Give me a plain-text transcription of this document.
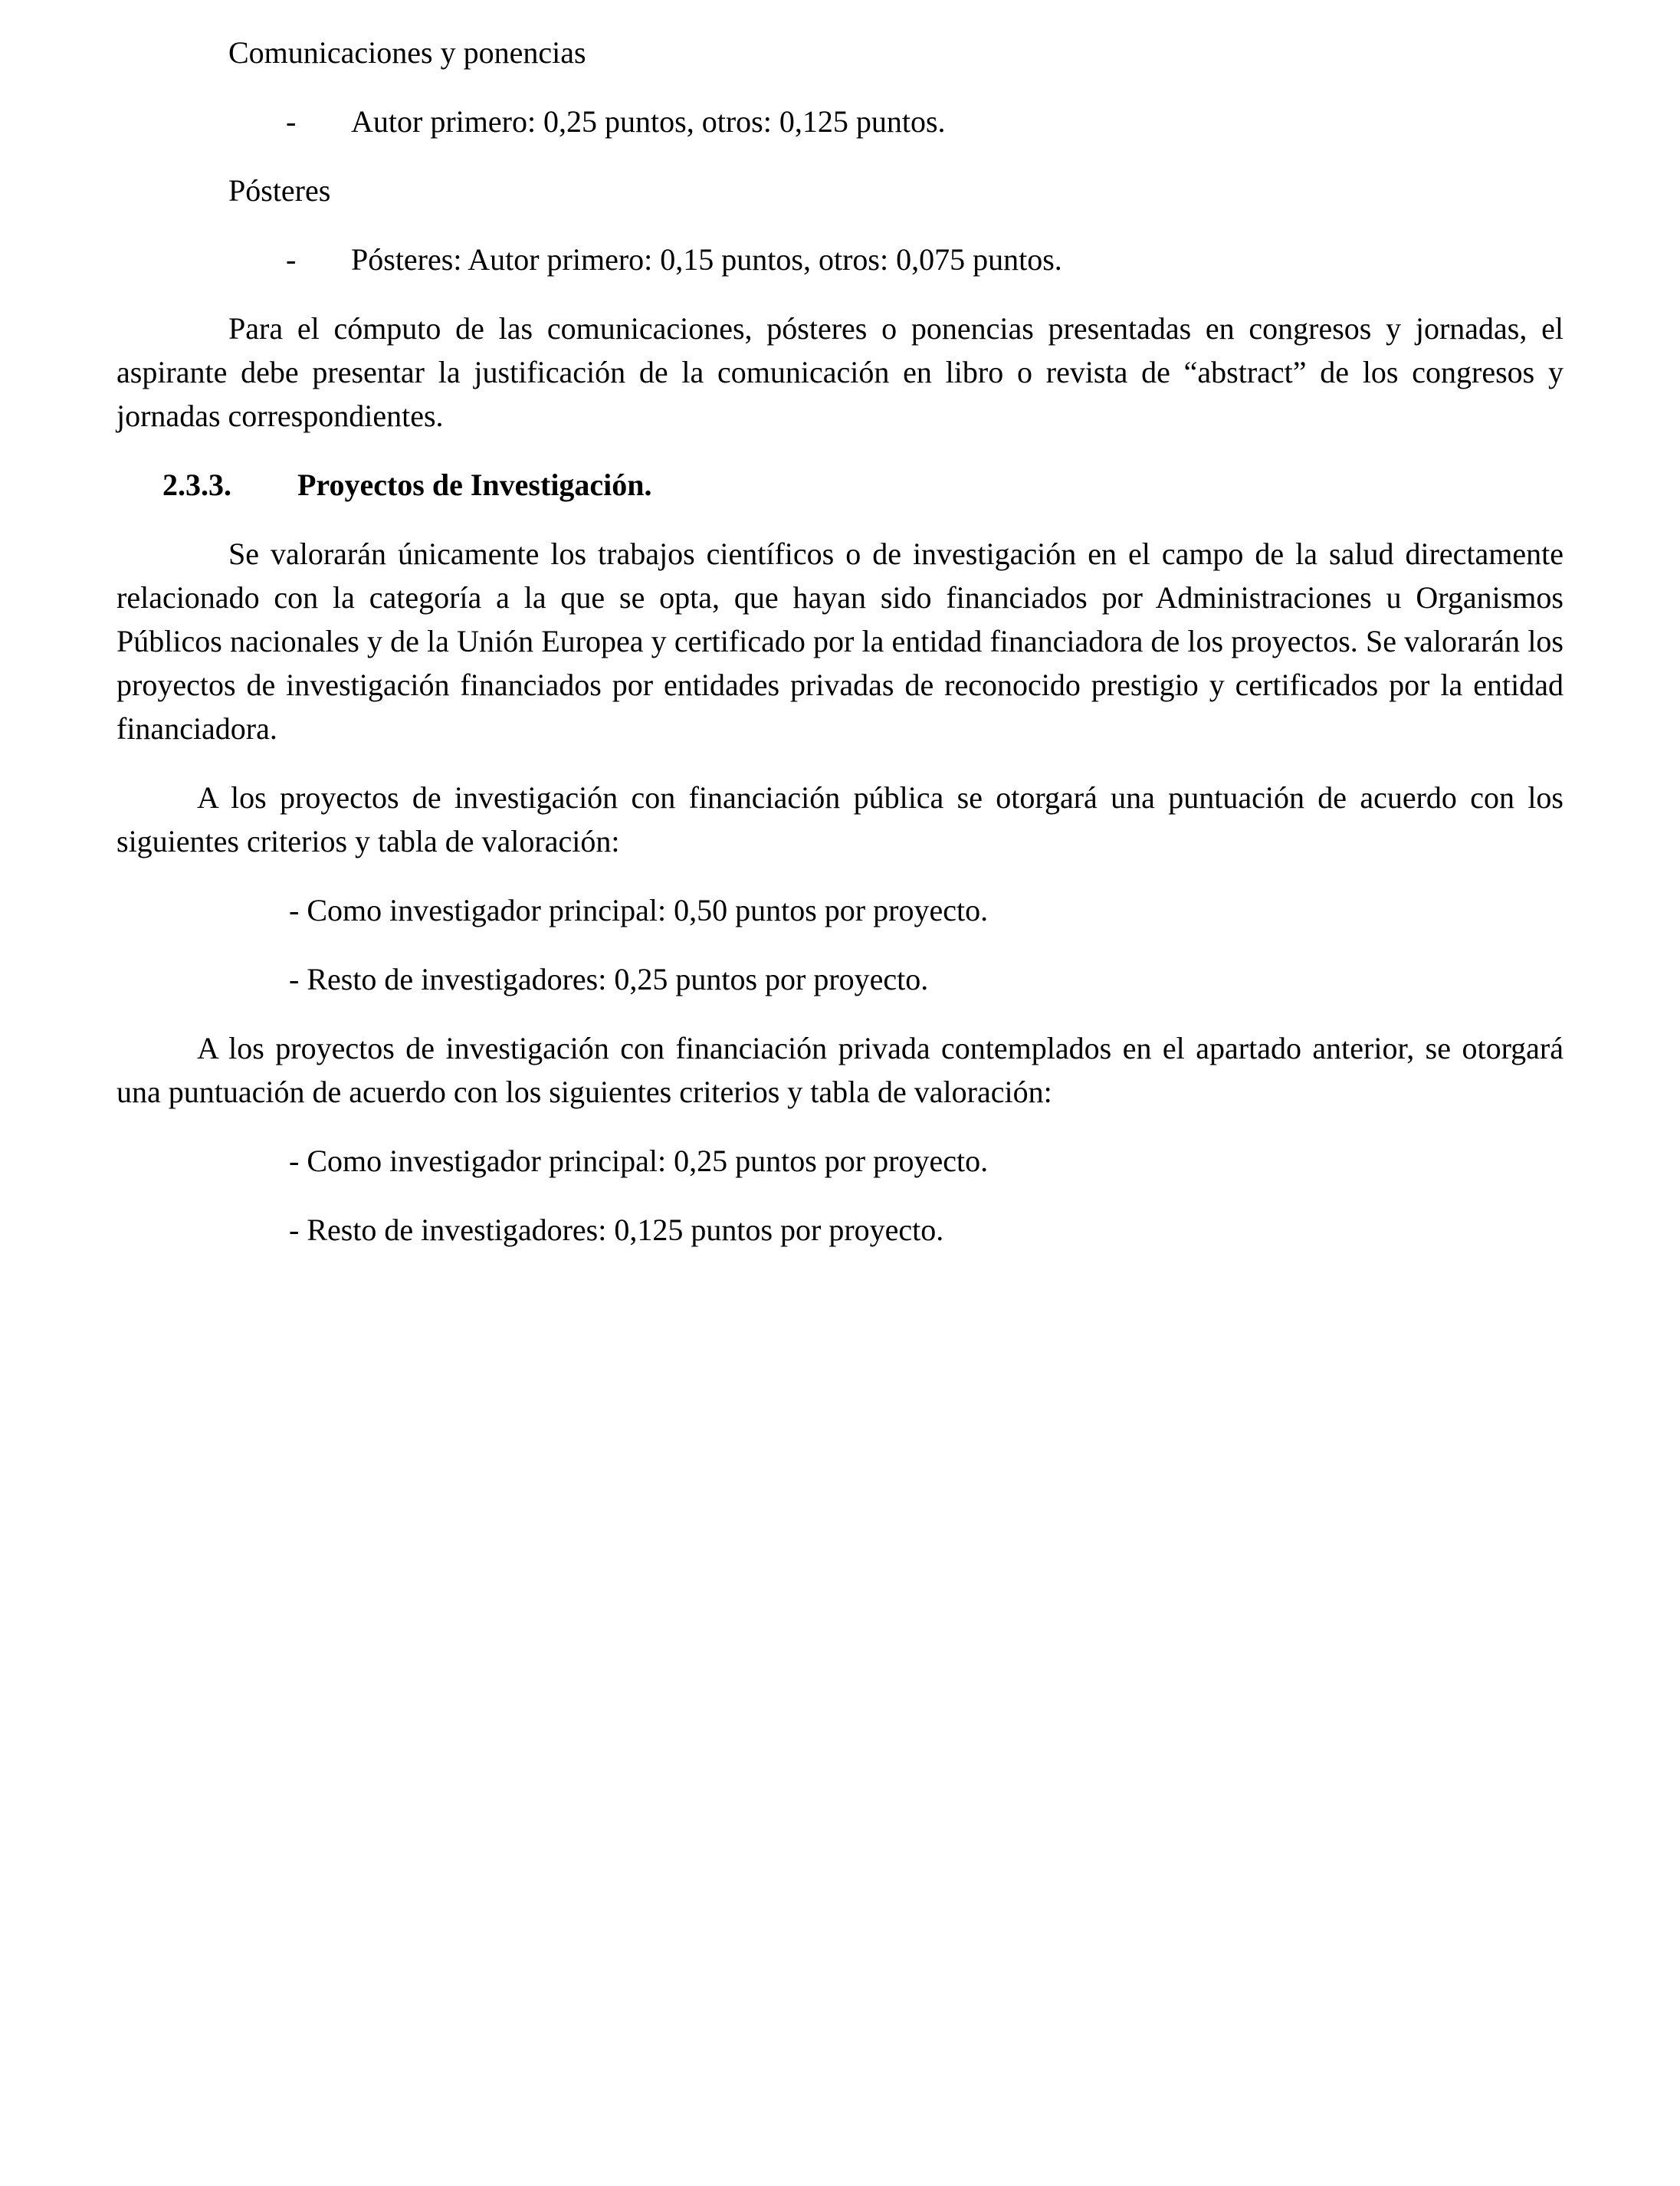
Comunicaciones y ponencias
-	Autor primero: 0,25 puntos, otros: 0,125 puntos.
Pósteres
-	Pósteres: Autor primero: 0,15 puntos, otros: 0,075 puntos.
Para el cómputo de las comunicaciones, pósteres o ponencias presentadas en congresos y jornadas, el aspirante debe presentar la justificación de la comunicación en libro o revista de “abstract” de los congresos y jornadas correspondientes.
2.3.3.	Proyectos de Investigación.
Se valorarán únicamente los trabajos científicos o de investigación en el campo de la salud directamente relacionado con la categoría a la que se opta, que hayan sido financiados por Administraciones u Organismos Públicos nacionales y de la Unión Europea y certificado por la entidad financiadora de los proyectos. Se valorarán los proyectos de investigación financiados por entidades privadas de reconocido prestigio y certificados por la entidad financiadora.
A los proyectos de investigación con financiación pública se otorgará una puntuación de acuerdo con los siguientes criterios y tabla de valoración:
- Como investigador principal: 0,50 puntos por proyecto.
- Resto de investigadores: 0,25 puntos por proyecto.
A los proyectos de investigación con financiación privada contemplados en el apartado anterior, se otorgará una puntuación de acuerdo con los siguientes criterios y tabla de valoración:
- Como investigador principal: 0,25 puntos por proyecto.
- Resto de investigadores: 0,125 puntos por proyecto.
